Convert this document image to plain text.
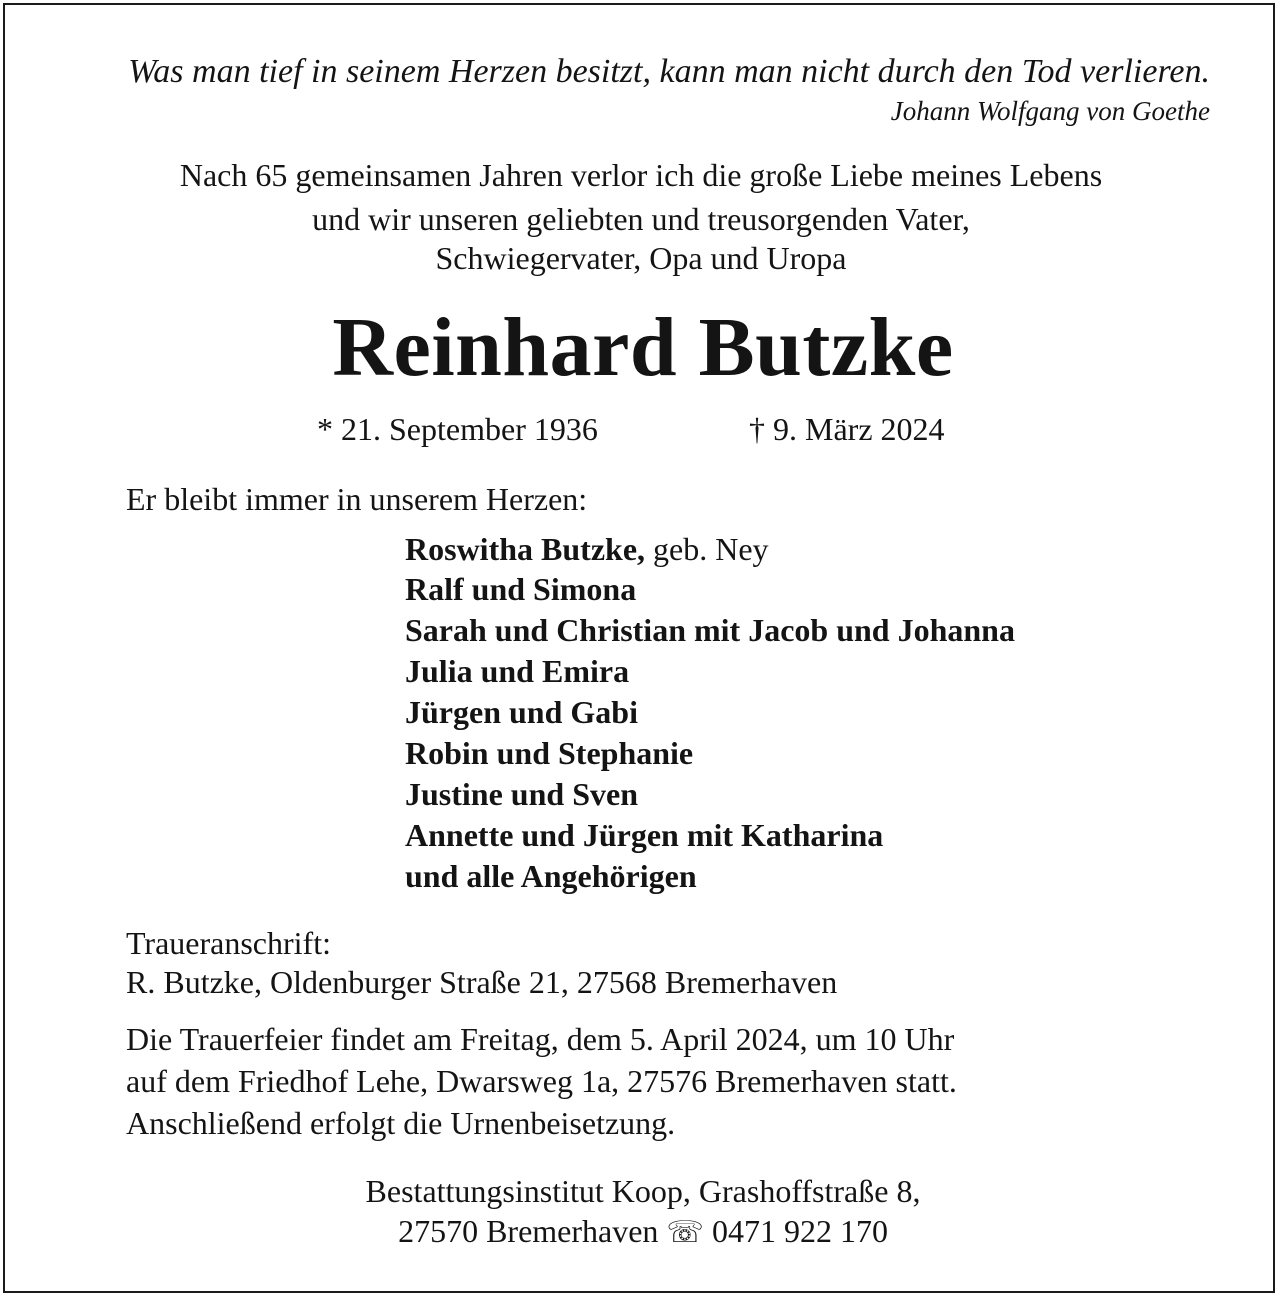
Was man tief in seinem Herzen besitzt, kann man nicht durch den Tod verlieren.

Johann Wolfgang von Goethe

Nach 65 gemeinsamen Jahren verlor ich die große Liebe meines Lebens

und wir unseren geliebten und treusorgenden Vater,

Schwiegervater, Opa und Uropa

Reinhard Butzke

* 21. September 1936	† 9. März 2024

Er bleibt immer in unserem Herzen:

Roswitha Butzke, geb. Ney

Ralf und Simona

Sarah und Christian mit Jacob und Johanna

Julia und Emira

Jürgen und Gabi

Robin und Stephanie

Justine und Sven

Annette und Jürgen mit Katharina

und alle Angehörigen

Traueranschrift:

R. Butzke, Oldenburger Straße 21, 27568 Bremerhaven

Die Trauerfeier findet am Freitag, dem 5. April 2024, um 10 Uhr

auf dem Friedhof Lehe, Dwarsweg 1a, 27576 Bremerhaven statt.

Anschließend erfolgt die Urnenbeisetzung.

Bestattungsinstitut Koop, Grashoffstraße 8,

27570 Bremerhaven ☏ 0471 922 170
